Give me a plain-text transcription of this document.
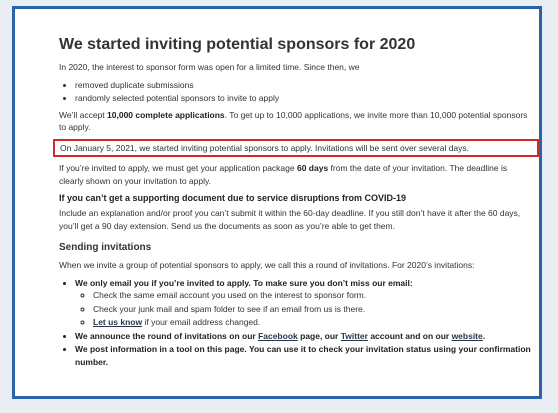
We started inviting potential sponsors for 2020

In 2020, the interest to sponsor form was open for a limited time. Since then, we

• removed duplicate submissions
• randomly selected potential sponsors to invite to apply

We’ll accept 10,000 complete applications. To get up to 10,000 applications, we invite more than 10,000 potential sponsors to apply.

On January 5, 2021, we started inviting potential sponsors to apply. Invitations will be sent over several days.

If you’re invited to apply, we must get your application package 60 days from the date of your invitation. The deadline is clearly shown on your invitation to apply.

If you can’t get a supporting document due to service disruptions from COVID-19

Include an explanation and/or proof you can’t submit it within the 60-day deadline. If you still don’t have it after the 60 days, you’ll get a 90 day extension. Send us the documents as soon as you’re able to get them.

Sending invitations

When we invite a group of potential sponsors to apply, we call this a round of invitations. For 2020’s invitations:

• We only email you if you’re invited to apply. To make sure you don’t miss our email:
◦ Check the same email account you used on the interest to sponsor form.
◦ Check your junk mail and spam folder to see if an email from us is there.
◦ Let us know if your email address changed.
• We announce the round of invitations on our Facebook page, our Twitter account and on our website.
• We post information in a tool on this page. You can use it to check your invitation status using your confirmation number.
